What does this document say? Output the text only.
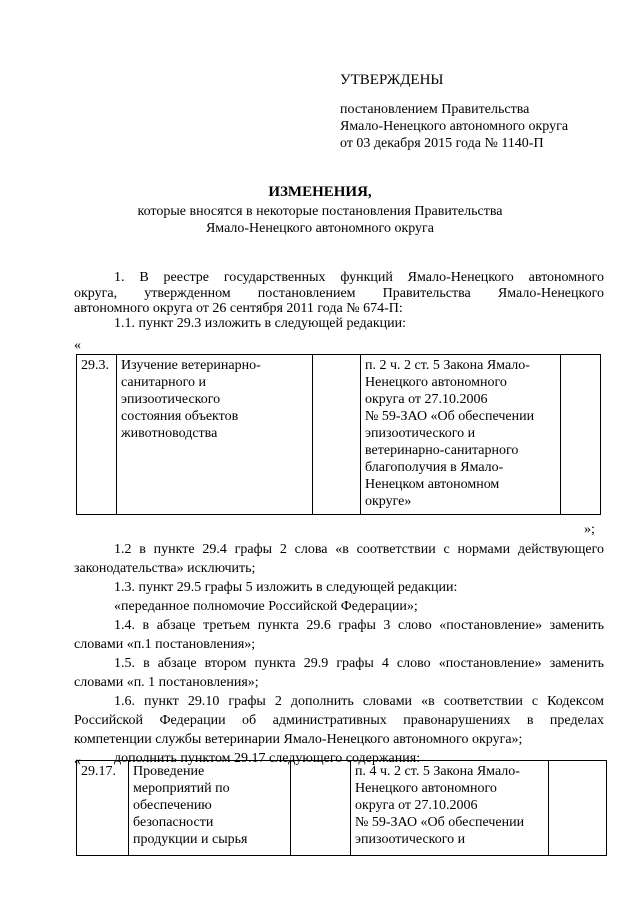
УТВЕРЖДЕНЫ
постановлением Правительства
Ямало-Ненецкого автономного округа
от 03 декабря 2015 года № 1140-П
ИЗМЕНЕНИЯ,
которые вносятся в некоторые постановления Правительства
Ямало-Ненецкого автономного округа
1. В реестре государственных функций Ямало-Ненецкого автономного
округа, утвержденном постановлением Правительства Ямало-Ненецкого
автономного округа от 26 сентября 2011 года № 674-П:
1.1. пункт 29.3 изложить в следующей редакции:
«
29.3.	Изучение ветеринарно-
санитарного и
эпизоотического
состояния объектов
животноводства

п. 2 ч. 2 ст. 5 Закона Ямало-
Ненецкого автономного
округа от 27.10.2006
№ 59-ЗАО «Об обеспечении
эпизоотического и
ветеринарно-санитарного
благополучия в Ямало-
Ненецком автономном
округе»

»;
1.2 в пункте 29.4 графы 2 слова «в соответствии с нормами действующего
законодательства» исключить;
1.3. пункт 29.5 графы 5 изложить в следующей редакции:
«переданное полномочие Российской Федерации»;
1.4. в абзаце третьем пункта 29.6 графы 3 слово «постановление» заменить
словами «п.1 постановления»;
1.5. в абзаце втором пункта 29.9 графы 4 слово «постановление» заменить
словами «п. 1 постановления»;
1.6. пункт 29.10 графы 2 дополнить словами «в соответствии с Кодексом
Российской Федерации об административных правонарушениях в пределах
компетенции службы ветеринарии Ямало-Ненецкого автономного округа»;
дополнить пунктом 29.17 следующего содержания:
«
29.17.	Проведение
мероприятий по
обеспечению
безопасности
продукции и сырья

п. 4 ч. 2 ст. 5 Закона Ямало-
Ненецкого автономного
округа от 27.10.2006
№ 59-ЗАО «Об обеспечении
эпизоотического и
